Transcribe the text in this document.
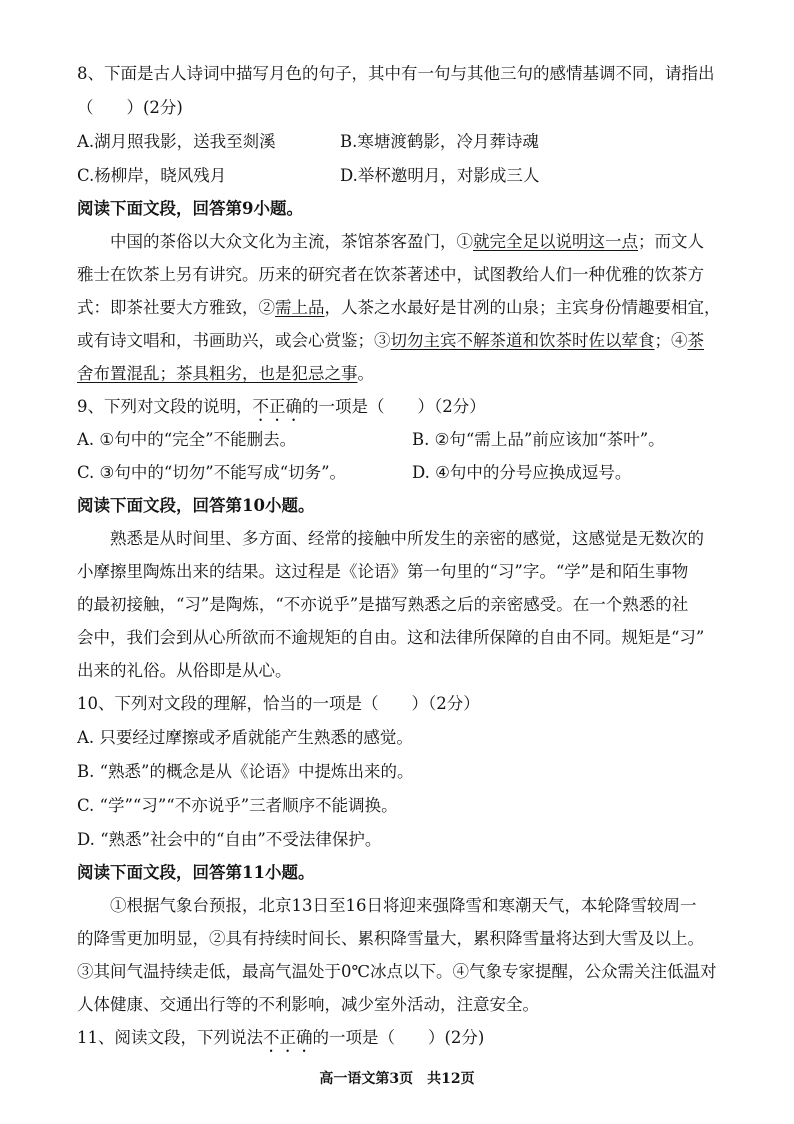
8、下面是古人诗词中描写月色的句子，其中有一句与其他三句的感情基调不同，请指出
（　　）(2分)
A.湖月照我影，送我至剡溪	B.寒塘渡鹤影，冷月葬诗魂
C.杨柳岸，晓风残月	D.举杯邀明月，对影成三人
阅读下面文段，回答第9小题。
中国的茶俗以大众文化为主流，茶馆茶客盈门，①就完全足以说明这一点；而文人
雅士在饮茶上另有讲究。历来的研究者在饮茶著述中，试图教给人们一种优雅的饮茶方
式：即茶社要大方雅致，②需上品，人茶之水最好是甘冽的山泉；主宾身份情趣要相宜，
或有诗文唱和，书画助兴，或会心赏鉴；③切勿主宾不解茶道和饮茶时佐以荤食；④茶
舍布置混乱；茶具粗劣，也是犯忌之事。
9、下列对文段的说明，不正确的一项是（　　）（2分）
A. ①句中的“完全”不能删去。	B. ②句“需上品”前应该加“茶叶”。
C. ③句中的“切勿”不能写成“切务”。	D. ④句中的分号应换成逗号。
阅读下面文段，回答第10小题。
熟悉是从时间里、多方面、经常的接触中所发生的亲密的感觉，这感觉是无数次的
小摩擦里陶炼出来的结果。这过程是《论语》第一句里的“习”字。“学”是和陌生事物
的最初接触，“习”是陶炼，“不亦说乎”是描写熟悉之后的亲密感受。在一个熟悉的社
会中，我们会到从心所欲而不逾规矩的自由。这和法律所保障的自由不同。规矩是“习”
出来的礼俗。从俗即是从心。
10、下列对文段的理解，恰当的一项是（　　）（2分）
A. 只要经过摩擦或矛盾就能产生熟悉的感觉。
B. “熟悉”的概念是从《论语》中提炼出来的。
C. “学”“习”“不亦说乎”三者顺序不能调换。
D. “熟悉”社会中的“自由”不受法律保护。
阅读下面文段，回答第11小题。
①根据气象台预报，北京13日至16日将迎来强降雪和寒潮天气，本轮降雪较周一
的降雪更加明显，②具有持续时间长、累积降雪量大，累积降雪量将达到大雪及以上。
③其间气温持续走低，最高气温处于0℃冰点以下。④气象专家提醒，公众需关注低温对
人体健康、交通出行等的不利影响，减少室外活动，注意安全。
11、阅读文段，下列说法不正确的一项是（　　）(2分)
高一语文第3页　共12页
